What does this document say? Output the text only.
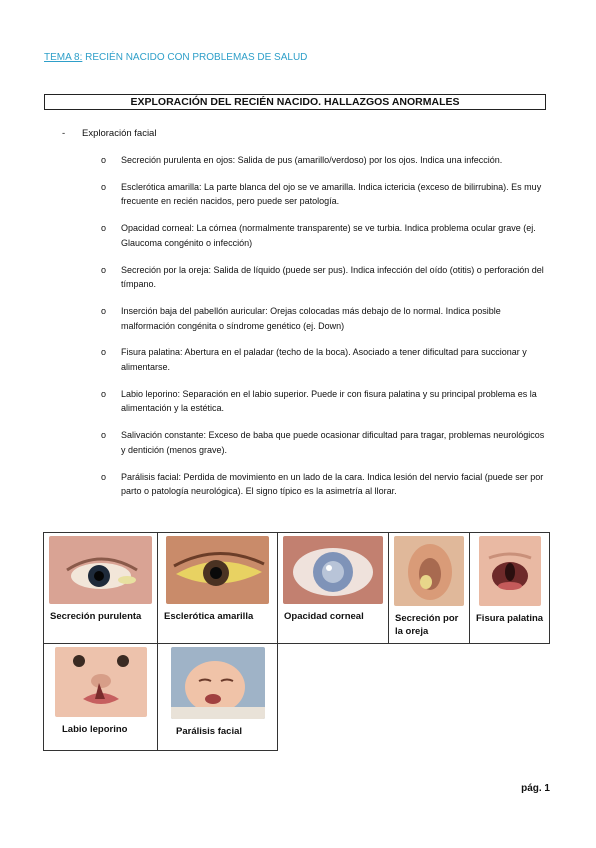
TEMA 8: RECIÉN NACIDO CON PROBLEMAS DE SALUD
EXPLORACIÓN DEL RECIÉN NACIDO. HALLAZGOS ANORMALES
- Exploración facial
o Secreción purulenta en ojos: Salida de pus (amarillo/verdoso) por los ojos. Indica una infección.
o Esclerótica amarilla: La parte blanca del ojo se ve amarilla. Indica ictericia (exceso de bilirrubina). Es muy frecuente en recién nacidos, pero puede ser patología.
o Opacidad corneal: La córnea (normalmente transparente) se ve turbia. Indica problema ocular grave (ej. Glaucoma congénito o infección)
o Secreción por la oreja: Salida de líquido (puede ser pus). Indica infección del oído (otitis) o perforación del tímpano.
o Inserción baja del pabellón auricular: Orejas colocadas más debajo de lo normal. Indica posible malformación congénita o síndrome genético (ej. Down)
o Fisura palatina: Abertura en el paladar (techo de la boca). Asociado a tener dificultad para succionar y alimentarse.
o Labio leporino: Separación en el labio superior. Puede ir con fisura palatina y su principal problema es la alimentación y la estética.
o Salivación constante: Exceso de baba que puede ocasionar dificultad para tragar, problemas neurológicos y dentición (menos grave).
o Parálisis facial: Perdida de movimiento en un lado de la cara. Indica lesión del nervio facial (puede ser por parto o patología neurológica). El signo típico es la asimetría al llorar.
Secreción purulenta	Esclerótica amarilla	Opacidad corneal	Secreción por la oreja	Fisura palatina

Labio leporino	Parálisis facial			
pág. 1
